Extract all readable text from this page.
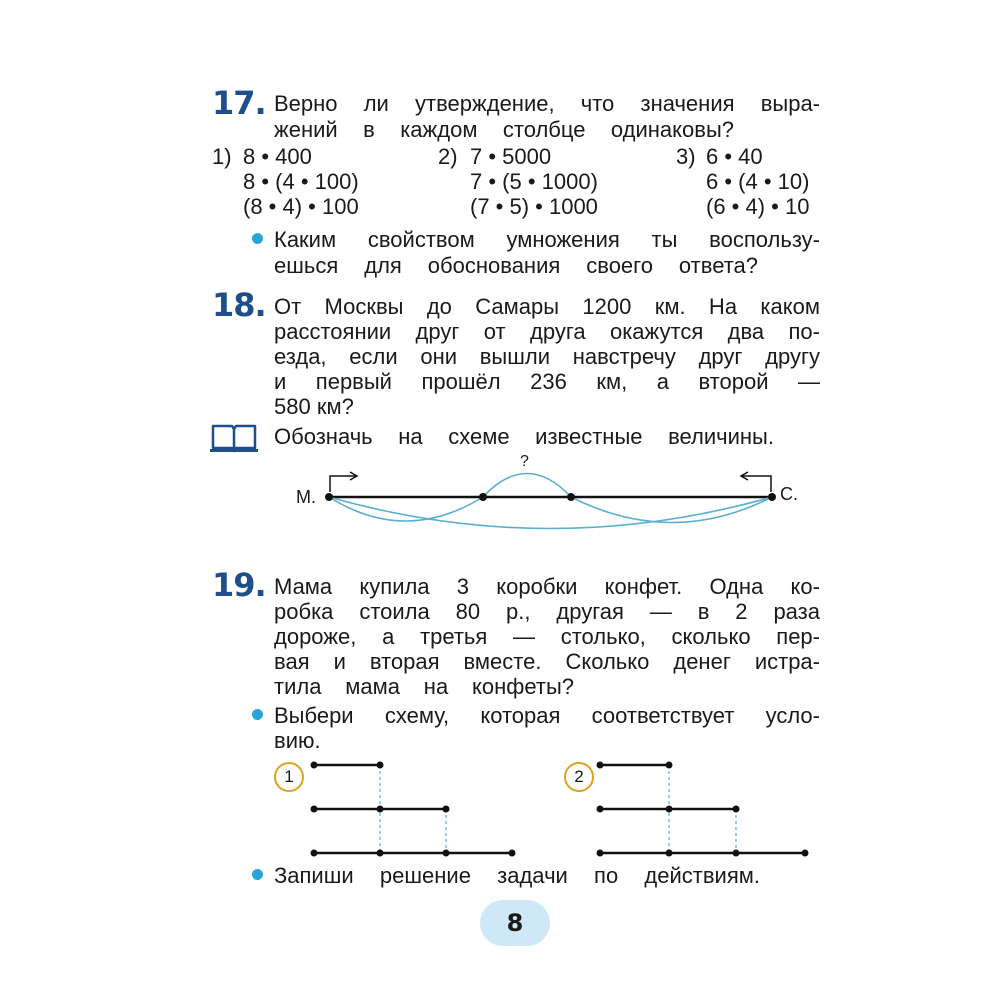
17. Верно ли утверждение, что значения выра-
жений в каждом столбце одинаковы?
1) 8 • 400
8 • (4 • 100)
(8 • 4) • 100
2) 7 • 5000
7 • (5 • 1000)
(7 • 5) • 1000
3) 6 • 40
6 • (4 • 10)
(6 • 4) • 10
Каким свойством умножения ты воспользу-
ешься для обоснования своего ответа?
18. От Москвы до Самары 1200 км. На каком
расстоянии друг от друга окажутся два по-
езда, если они вышли навстречу друг другу
и первый прошёл 236 км, а второй —
580 км?
Обозначь на схеме известные величины.
?
М.	С.
19. Мама купила 3 коробки конфет. Одна ко-
робка стоила 80 р., другая — в 2 раза
дороже, а третья — столько, сколько пер-
вая и вторая вместе. Сколько денег истра-
тила мама на конфеты?
Выбери схему, которая соответствует усло-
вию.
1	2
Запиши решение задачи по действиям.
8
